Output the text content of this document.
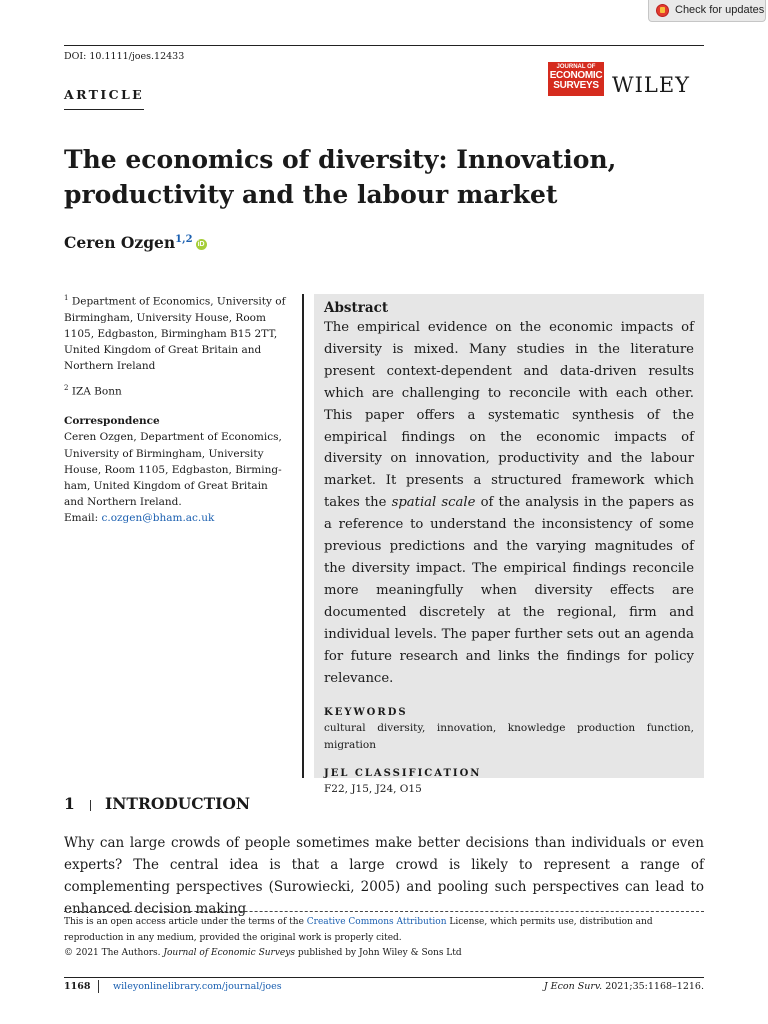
Check for updates
DOI: 10.1111/joes.12433
JOURNAL OF
ECONOMIC
SURVEYS WILEY
ARTICLE
The economics of diversity: Innovation, productivity and the labour market
Ceren Ozgen$^{1,2}$ iD

$^1$ Department of Economics, University of Birmingham, University House, Room 1105, Edgbaston, Birmingham B15 2TT, United Kingdom of Great Britain and Northern Ireland

$^2$ IZA Bonn

Correspondence

Ceren Ozgen, Department of Economics, University of Birmingham, University House, Room 1105, Edgbaston, Birming-ham, United Kingdom of Great Britain and Northern Ireland.

Email: c.ozgen@bham.ac.uk

Abstract

The empirical evidence on the economic impacts of diversity is mixed. Many studies in the literature present context-dependent and data-driven results which are challenging to reconcile with each other. This paper offers a systematic synthesis of the empirical findings on the economic impacts of diversity on innovation, productivity and the labour market. It presents a structured framework which takes the spatial scale of the analysis in the papers as a reference to understand the inconsistency of some previous predictions and the varying magnitudes of the diversity impact. The empirical findings reconcile more meaningfully when diversity effects are documented discretely at the regional, firm and individual levels. The paper further sets out an agenda for future research and links the findings for policy relevance.

KEYWORDS

cultural diversity, innovation, knowledge production function, migration

JEL CLASSIFICATION

F22, J15, J24, O15

1 INTRODUCTION

Why can large crowds of people sometimes make better decisions than individuals or even experts? The central idea is that a large crowd is likely to represent a range of complementing perspectives (Surowiecki, 2005) and pooling such perspectives can lead to enhanced decision making

This is an open access article under the terms of the Creative Commons Attribution License, which permits use, distribution and reproduction in any medium, provided the original work is properly cited.

© 2021 The Authors. Journal of Economic Surveys published by John Wiley & Sons Ltd

1168 wileyonlinelibrary.com/journal/joes	J Econ Surv. 2021;35:1168–1216.
